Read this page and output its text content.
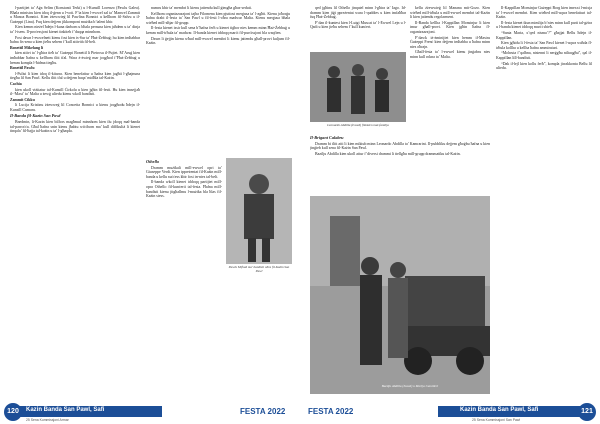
l-partijiet ta’ Aġa Selim (Konstanti Terki) u l-Kunsill Lorenzo (Pawlu Galea). Bħala ministru kien idoq il-ġenn u l-voti. F’ta kien l-ewwel sal ta’ Manwel Zammit u Manoa Bonnici. Kien żżewwieġ lil Pawlina Bonnici u kellhom fil-Salvu u il-Ġużeppi (Lina). Fuq kien dejjem jikkomponi mużika b’talent kbir.

Kien kemm nieżel ħdejn l-kuna darhom u bħala persuna kien jaħdem u ta’ dinja ta’ l-isem. Il-proċessjoni kienet tinkiteb f’daqqa minnhom.

Fost dawn l-ewwelnett kienu fost kien is-Sur ta’ Ħaż-Żebbuġ; hu kien imħabbar ħafna fis-sena u kien jieħu sehem f’kull attività fil-belt.

Bonettil Mikelang li

kien attivi ta’ l-għira tieħ ta’ Gużeppi Bonettil li Pietrosu il-Pujiet. M’Aruġ kien imħabbar ħafna u kellhom tlitt tfal. Wara ż-żwieġ mar joqgħod f’Ħaż-Żebbuġ u hemm kompla l-ħidma tiegħu.

Bonettil Pawlu

l-Pulisi li kien idoq il-kitarra. Kien benefattur u ħafna kien jagħti l-għajnuna tiegħu lil San Pawl. Kellu tlitt tfal u dejjem baqa’ midħla tal-Każin.

Cachia

kien ukoll viżitatur tal-Kunsill Ċirkolu u kien jgħin fil-festi. Hu kien imsejjaħ il-‘Maxi’ ta’ Malta u żewġ uliedu kienu wkoll bandisti.

Zammit Cikku

li Lucija Kristinu żżewweġ lil Concetta Bonnici u kienu joqgħodu ħdejn il-Kunsill Cumaru.

Il-Banda fil-Kazin San Pawl

Bnedmin, li-Kazin kien bilfors magħmul minnhom kien ilu jdoqq mal-banda tal-parroċċa. Għal ħafna snin kienu jħabtu wiċċhom ma’ kull diffikultà li kienet tinqala’ fil-ħajja tal-każin u ta’ l-għaqda.

numru kbir ta’ membri li kienu jattendu kull ġimgħa għas-seduti.

Kellhom organizzazzjoni tajba Filomena kien pjuttost meqjusa ta’ l-agħti. Kienu joħorġu ħafna drabi il-festa ta’ San Pawl u fil-festi l-oħra madwar Malta. Kienu meqjusa bħala wieħed mill-aħjar fil-grupp.

Il-festa kienet issir kull sena b’ħafna ferħ u kienet tiġbor nies kemm minn Ħaż-Żebbuġ u kemm mill-irħula ta’ madwar. Il-banda kienet iddoqq marċi fil-purċissjoni bla waqfien.

Dawn li ġejjin kienu wħud mill-ewwel membri li kienu jattendu għall-provi kuljum fil-Każin.

Othello

Dramm mużikali mill-ewwel opri ta’ Giuseppe Verdi. Kien ippreżentat fil-Każin mill-banda u kellu suċċess kbir fost in-nies tal-belt.

Il-banda wkoll kienet iddoqq partijiet mill-opra Othello fil-kunċerti tal-festa. Ħafna mill-bandisti kienu jitgħallmu l-mużika bla ħlas fil-Każin stess.

Pawlu Mifsud ma’ bandisti oħra fil-Każin San Pawl
120	Kazin Banda San Pawl, Safi
25 Sena Kummissjoni Armar
FESTA 2022
Leonardo Abdilla (Iswed) flimkien mal-familja

qed jgħinu lil Othello jinqatel minn l-għira ta’ Iago. Id-dramm kien jiġi ppreżentat wara l-quddies u kien imfaħħar fuq Ħaż-Żebbuġ.

F’dan il-kuntest kien l-Luigi Muscat ta’ l-Ewwel Lejn u l-Qadi u kien jieħu sehem f’kull kunċert.

kellu żżewwieġ lil Manana mit-Gozo. Kien wieħed mill-irħula u mill-ewwel membri tal-Każin li kien jattendu regolarment.

Il-Banda kellha l-Kappillan Monsinjur li kien imur għall-provi. Kien jgħin ħafna fl-organizzazzjoni.

F’dawk iż-żminijiet kien hemm il-Mastru Ġużeppi Frenċ kien dejjem imħabba u ħafna minn nies oħrajn.

Għall-festa ta’ l-ewwel kienu jinġabru nies minn kull rokna ta’ Malta.

Il-Brigant Calabru

Dramm bi tlitt atti li kien miktub minn Leonardo Abdilla ta’ Kamrarini. Il-pubbliku dejjem għoġbu ħafna u kien jinġieb kull sena fil-Każin San Pawl.

Bazilju Abdilla kien ukoll attur f’diversi drammi li ttellgħu mill-grupp drammatiku tal-Każin.

Bazilju Abdilla (Iswed) u Marija Camilleri

Il-Kappillan Monsinjur Ġużeppi Borg kien imexxi l-mixja ta’ l-ewwel membri. Kien wieħed mill-aqwa benefatturi tal-Każin.

Il-festa kienet tkun mimlija b’nies minn kull parti tal-gżira u l-banda kienet iddoqq marċi sbieħ.

“Santa Maria, x’qed nisma’?” għajjat Bellu ħdejn il-Kappillan.

Kien jgħidu li l-festa ta’ San Pawl kienet l-aqwa waħda fl-irħula kollha u kellha ħafna ammiraturi.

“Mohruta f’qalbna, nistenni li nerġgħu niltaqgħu”, qal il-Kappillan lill-bandisti.

“Dak il-lejl kien kollu ferħ”, kompla jirrakkonta Bellu lil uliedu.

FESTA 2022	121
Kazin Banda San Pawl, Safi
25 Sena Kummissjoni San Pawl
